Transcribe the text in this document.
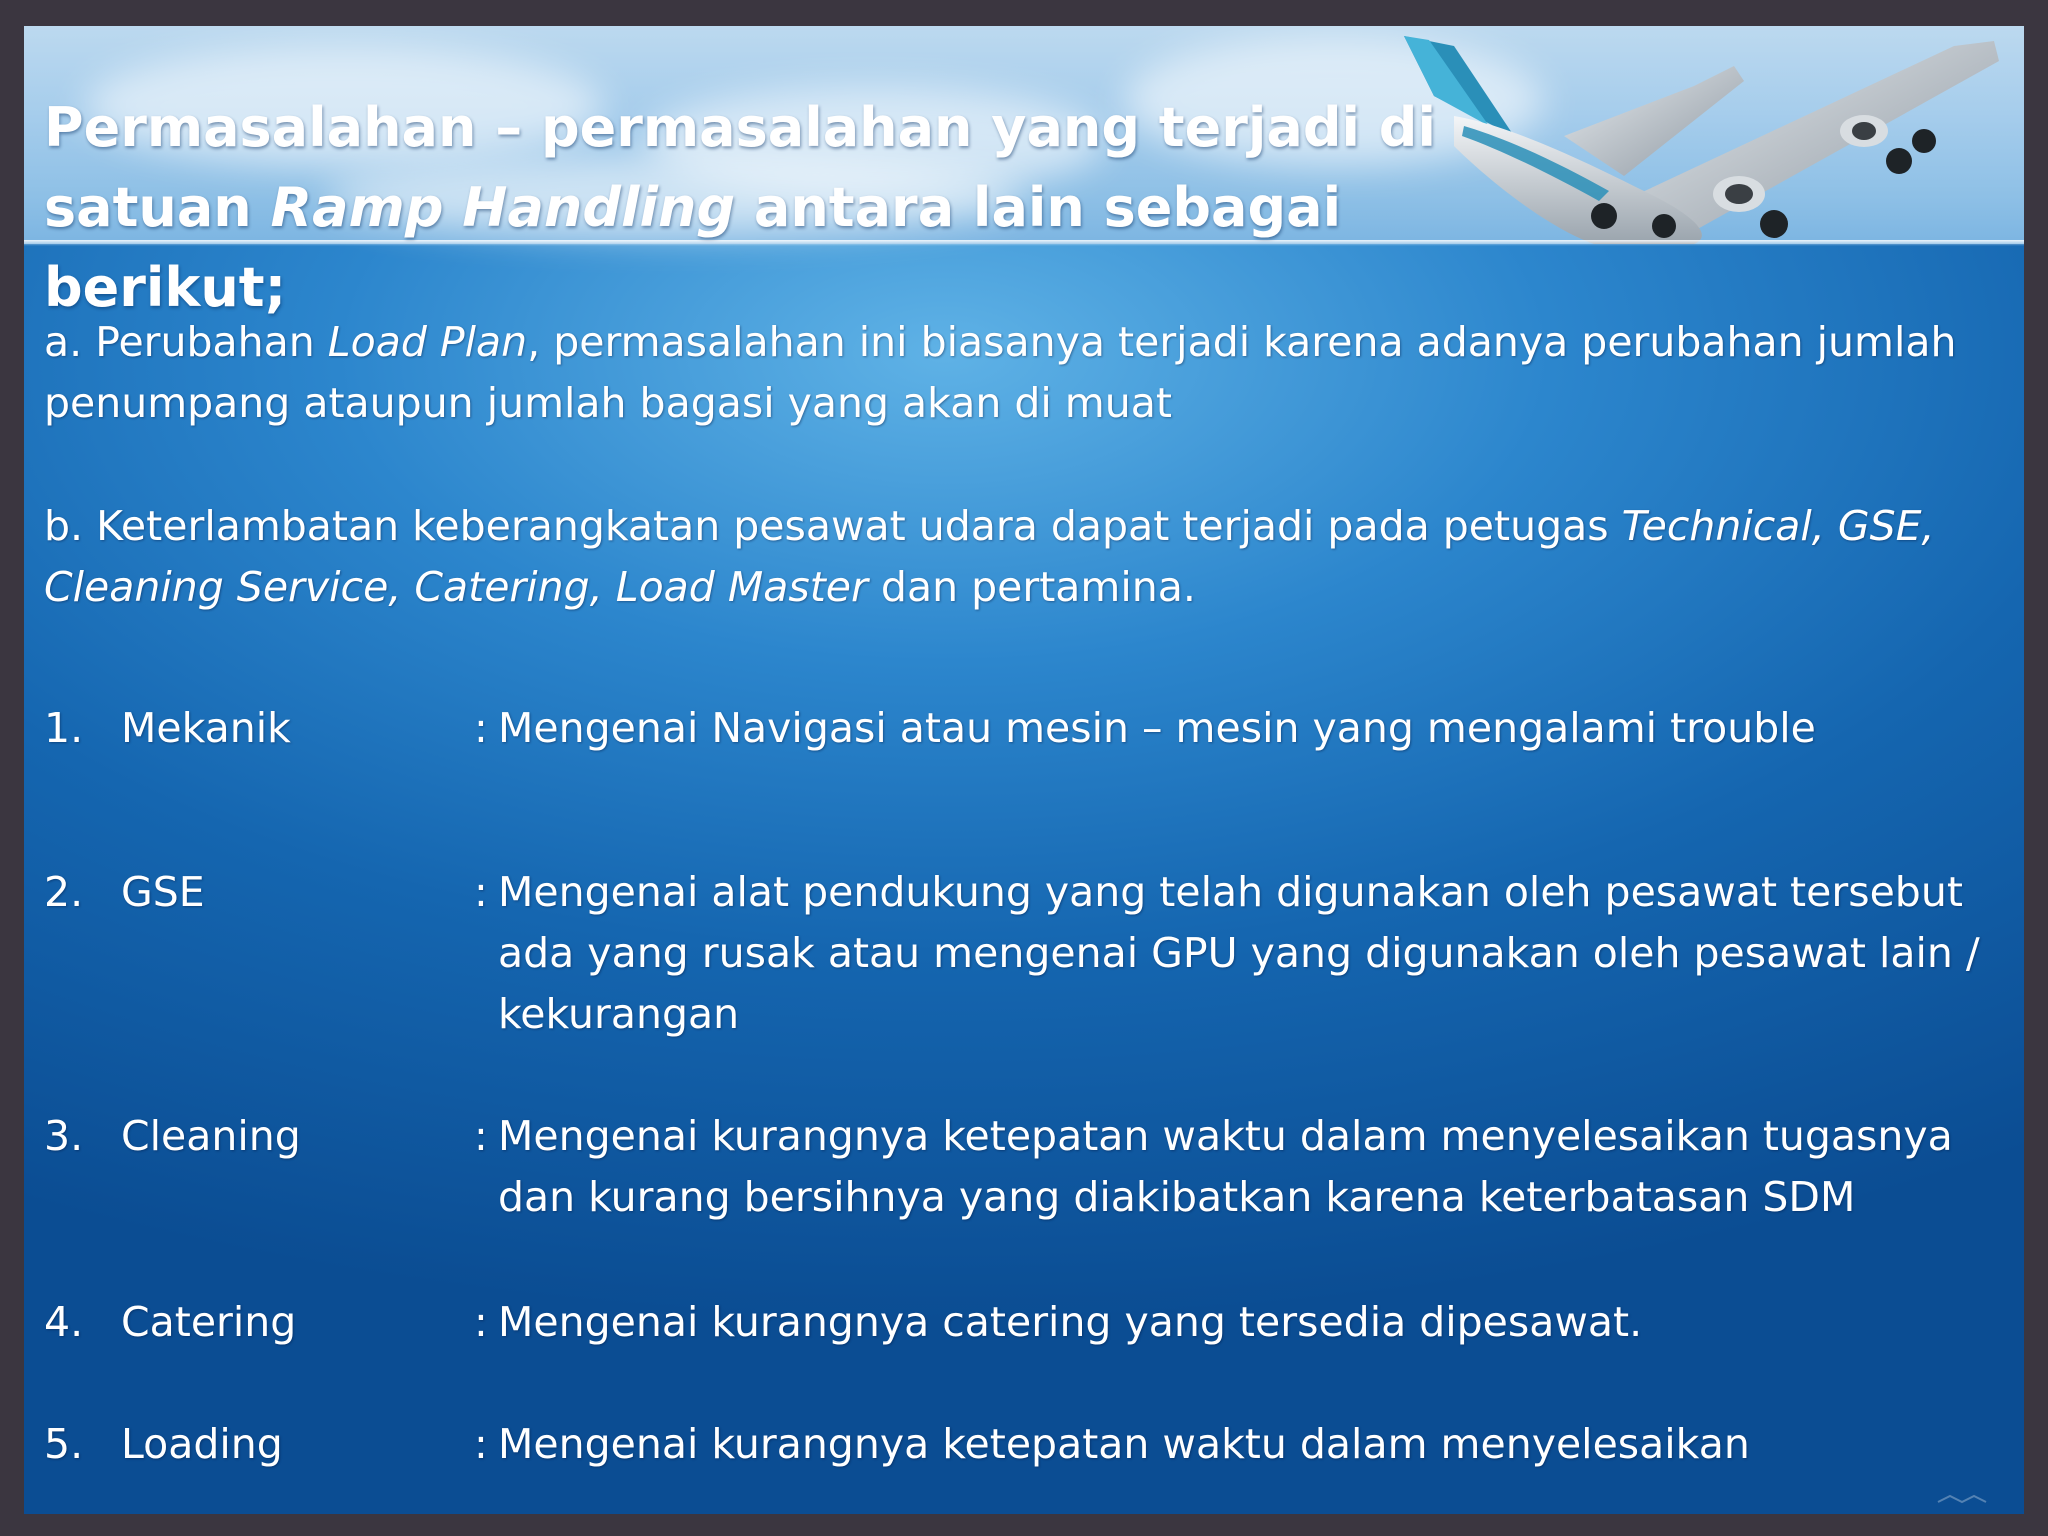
Permasalahan – permasalahan yang terjadi di
satuan Ramp Handling antara lain sebagai berikut;

a. Perubahan Load Plan, permasalahan ini biasanya terjadi karena adanya perubahan jumlah penumpang ataupun jumlah bagasi yang akan di muat

b. Keterlambatan keberangkatan pesawat udara dapat terjadi pada petugas Technical, GSE, Cleaning Service, Catering, Load Master dan pertamina.

1. Mekanik	: Mengenai Navigasi atau mesin – mesin yang mengalami trouble
2. GSE	: Mengenai alat pendukung yang telah digunakan oleh pesawat tersebut ada yang rusak atau mengenai GPU yang digunakan oleh pesawat lain / kekurangan
3. Cleaning	: Mengenai kurangnya ketepatan waktu dalam menyelesaikan tugasnya dan kurang bersihnya yang diakibatkan karena keterbatasan SDM
4. Catering	: Mengenai kurangnya catering yang tersedia dipesawat.
5. Loading	: Mengenai kurangnya ketepatan waktu dalam menyelesaikan
